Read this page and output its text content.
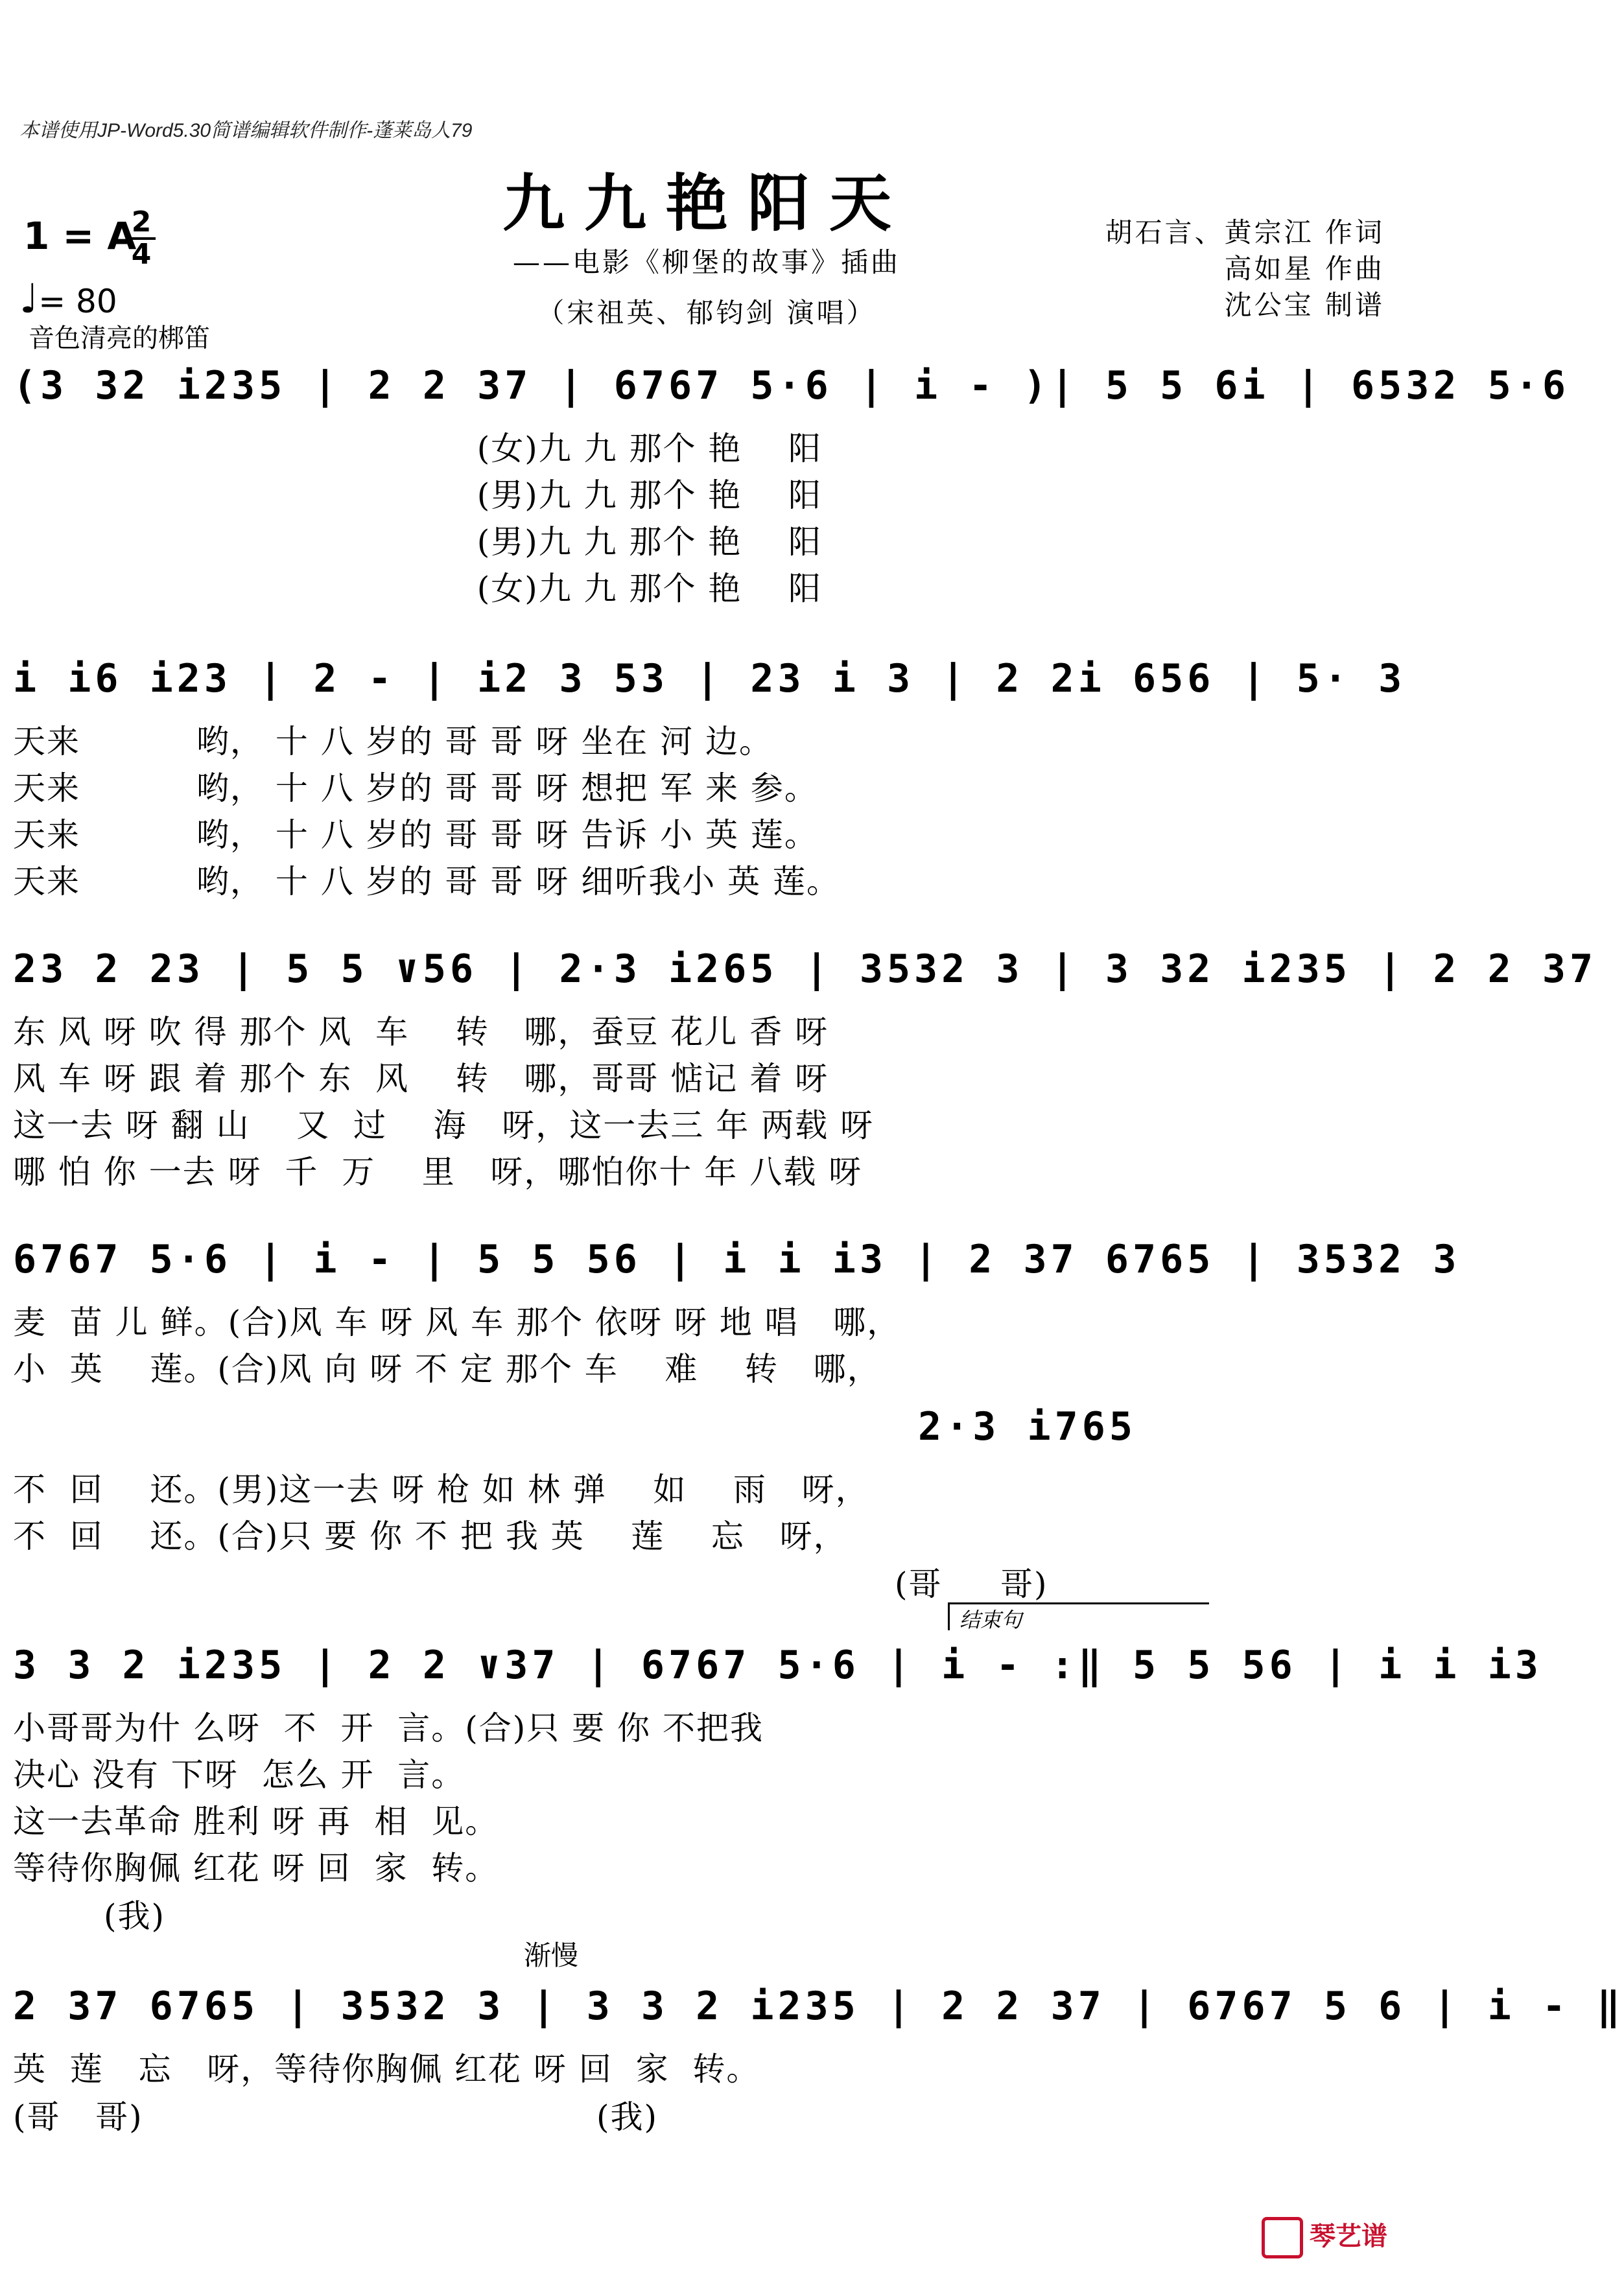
本谱使用JP-Word5.30简谱编辑软件制作-蓬莱岛人79
九九艳阳天
——电影《柳堡的故事》插曲
（宋祖英、郁钧剑 演唱）
胡石言、黄宗江 作词
高如星 作曲
沈公宝 制谱
1 = A
2
4
♩= 80
音色清亮的梆笛
(3 32 i235 | 2 2 37 | 6767 5·6 | i - )| 5 5 6i | 6532 5·6
(女)九 九 那个 艳    阳
(男)九 九 那个 艳    阳
(男)九 九 那个 艳    阳
(女)九 九 那个 艳    阳
i i6 i23 | 2 - | i2 3 53 | 23 i 3 | 2 2i 656 | 5· 3
天来          哟， 十 八 岁的 哥 哥 呀 坐在 河 边。
天来          哟， 十 八 岁的 哥 哥 呀 想把 军 来 参。
天来          哟， 十 八 岁的 哥 哥 呀 告诉 小 英 莲。
天来          哟， 十 八 岁的 哥 哥 呀 细听我小 英 莲。
23 2 23 | 5 5 ∨56 | 2·3 i265 | 3532 3 | 3 32 i235 | 2 2 37
东 风 呀 吹 得 那个 风  车    转   哪，蚕豆 花儿 香 呀
风 车 呀 跟 着 那个 东  风    转   哪，哥哥 惦记 着 呀
这一去 呀 翻 山    又  过    海   呀，这一去三 年 两载 呀
哪 怕 你 一去 呀  千  万    里   呀，哪怕你十 年 八载 呀
6767 5·6 | i - | 5 5 56 | i i i3 | 2 37 6765 | 3532 3
麦  苗 儿 鲜。(合)风 车 呀 风 车 那个 依呀 呀 地 唱   哪，
小  英    莲。(合)风 向 呀 不 定 那个 车    难    转   哪，
2·3 i765
不  回    还。(男)这一去 呀 枪 如 林 弹    如    雨   呀，
不  回    还。(合)只 要 你 不 把 我 英    莲    忘   呀，
(哥     哥)
结束句
3 3 2 i235 | 2 2 ∨37 | 6767 5·6 | i - :‖ 5 5 56 | i i i3
小哥哥为什 么呀  不  开  言。(合)只 要 你 不把我
决心 没有 下呀  怎么 开  言。
这一去革命 胜利 呀 再  相  见。
等待你胸佩 红花 呀 回  家  转。
(我)
渐慢
2 37 6765 | 3532 3 | 3 3 2 i235 | 2 2 37 | 6767 5 6 | i - ‖
英  莲   忘   呀，等待你胸佩 红花 呀 回  家  转。
(哥   哥)	(我)
琴艺谱
